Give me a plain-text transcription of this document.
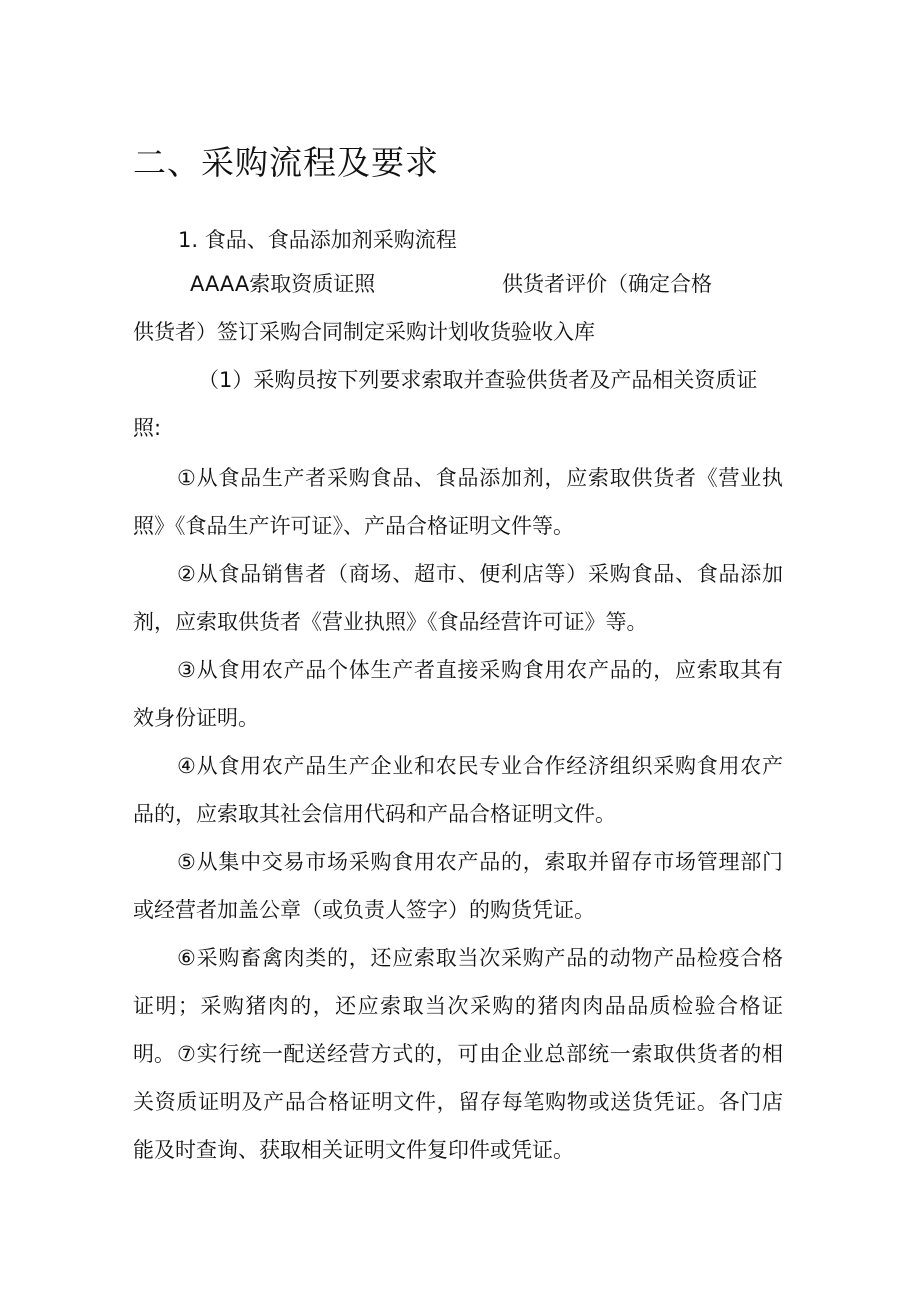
二、采购流程及要求
1. 食品、食品添加剂采购流程
AAAA索取资质证照	供货者评价（确定合格
供货者）签订采购合同制定采购计划收货验收入库
（1）采购员按下列要求索取并查验供货者及产品相关资质证
照:
①从食品生产者采购食品、食品添加剂，应索取供货者《营业执照》《食品生产许可证》、产品合格证明文件等。
②从食品销售者（商场、超市、便利店等）采购食品、食品添加剂，应索取供货者《营业执照》《食品经营许可证》等。
③从食用农产品个体生产者直接采购食用农产品的，应索取其有效身份证明。
④从食用农产品生产企业和农民专业合作经济组织采购食用农产品的，应索取其社会信用代码和产品合格证明文件。
⑤从集中交易市场采购食用农产品的，索取并留存市场管理部门或经营者加盖公章（或负责人签字）的购货凭证。
⑥采购畜禽肉类的，还应索取当次采购产品的动物产品检疫合格证明；采购猪肉的，还应索取当次采购的猪肉肉品品质检验合格证明。 ⑦实行统一配送经营方式的，可由企业总部统一索取供货者的相关资质证明及产品合格证明文件，留存每笔购物或送货凭证。各门店能及时查询、获取相关证明文件复印件或凭证。
